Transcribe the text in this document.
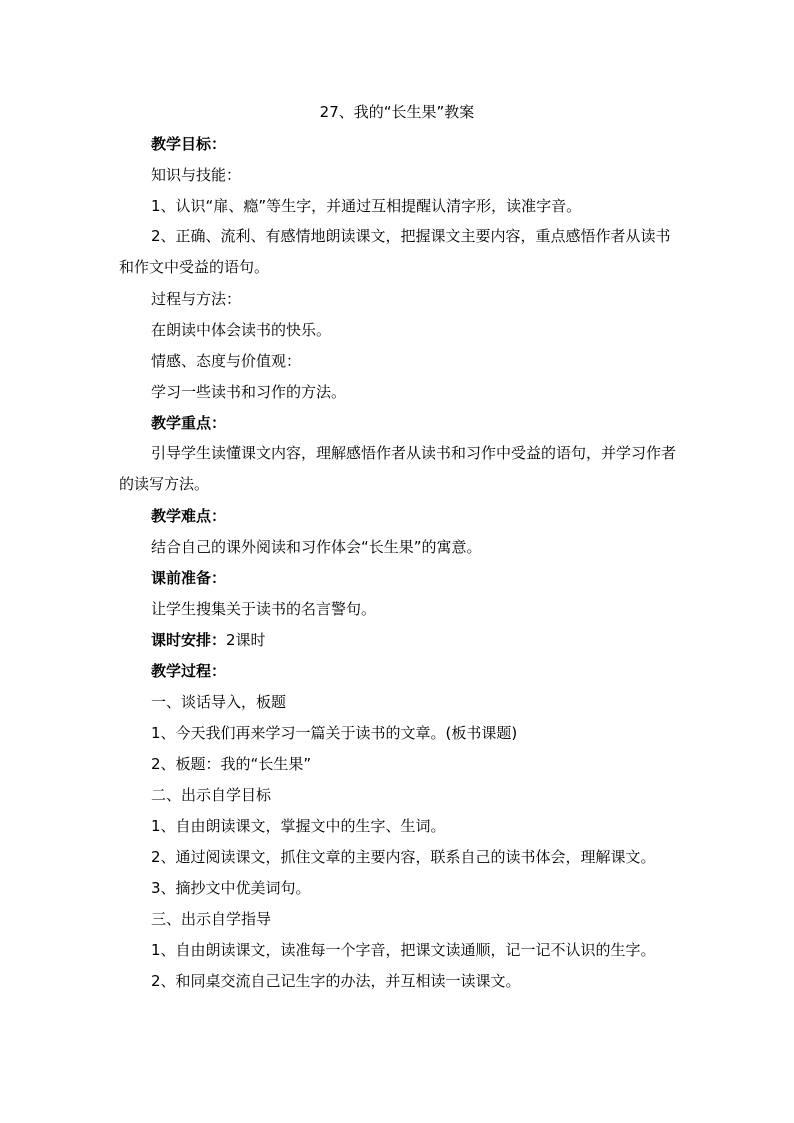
27、我的“长生果”教案
教学目标：
知识与技能：
1、认识“扉、瘾”等生字，并通过互相提醒认清字形，读准字音。
2、正确、流利、有感情地朗读课文，把握课文主要内容，重点感悟作者从读书和作文中受益的语句。
过程与方法：
在朗读中体会读书的快乐。
情感、态度与价值观：
学习一些读书和习作的方法。
教学重点：
引导学生读懂课文内容，理解感悟作者从读书和习作中受益的语句，并学习作者的读写方法。
教学难点：
结合自己的课外阅读和习作体会“长生果”的寓意。
课前准备：
让学生搜集关于读书的名言警句。
课时安排：2课时
教学过程：
一、谈话导入，板题
1、今天我们再来学习一篇关于读书的文章。(板书课题)
2、板题：我的“长生果”
二、出示自学目标
1、自由朗读课文，掌握文中的生字、生词。
2、通过阅读课文，抓住文章的主要内容，联系自己的读书体会，理解课文。
3、摘抄文中优美词句。
三、出示自学指导
1、自由朗读课文，读准每一个字音，把课文读通顺，记一记不认识的生字。
2、和同桌交流自己记生字的办法，并互相读一读课文。
